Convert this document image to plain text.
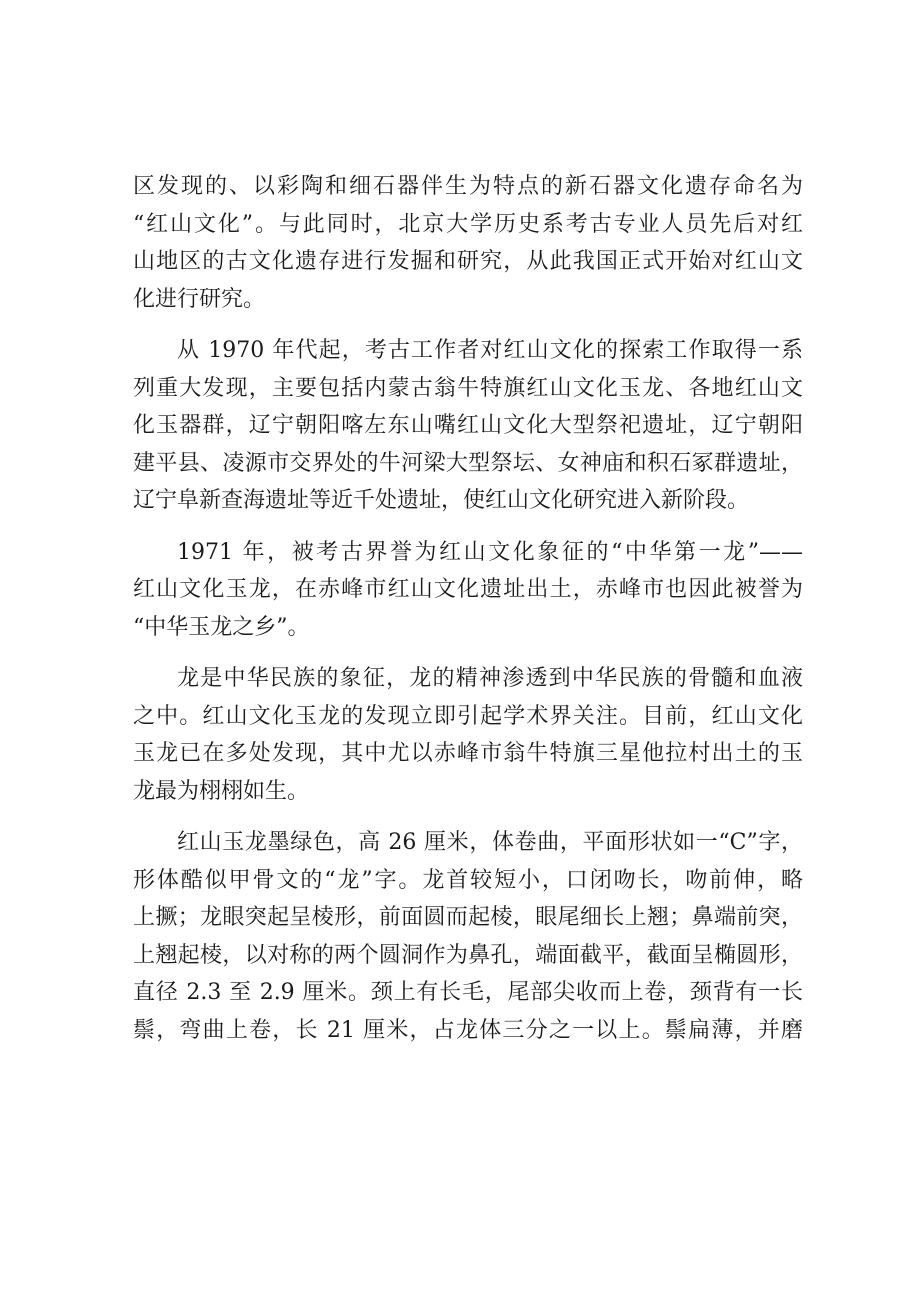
区发现的、以彩陶和细石器伴生为特点的新石器文化遗存命名为
“红山文化”。与此同时，北京大学历史系考古专业人员先后对红
山地区的古文化遗存进行发掘和研究，从此我国正式开始对红山文
化进行研究。
从 1970 年代起，考古工作者对红山文化的探索工作取得一系
列重大发现，主要包括内蒙古翁牛特旗红山文化玉龙、各地红山文
化玉器群，辽宁朝阳喀左东山嘴红山文化大型祭祀遗址，辽宁朝阳
建平县、凌源市交界处的牛河梁大型祭坛、女神庙和积石冢群遗址，
辽宁阜新查海遗址等近千处遗址，使红山文化研究进入新阶段。
1971 年，被考古界誉为红山文化象征的“中华第一龙”——
红山文化玉龙，在赤峰市红山文化遗址出土，赤峰市也因此被誉为
“中华玉龙之乡”。
龙是中华民族的象征，龙的精神渗透到中华民族的骨髓和血液
之中。红山文化玉龙的发现立即引起学术界关注。目前，红山文化
玉龙已在多处发现，其中尤以赤峰市翁牛特旗三星他拉村出土的玉
龙最为栩栩如生。
红山玉龙墨绿色，高 26 厘米，体卷曲，平面形状如一“C”字，
形体酷似甲骨文的“龙”字。龙首较短小，口闭吻长，吻前伸，略
上撅；龙眼突起呈棱形，前面圆而起棱，眼尾细长上翘；鼻端前突，
上翘起棱，以对称的两个圆洞作为鼻孔，端面截平，截面呈椭圆形，
直径 2.3 至 2.9 厘米。颈上有长毛，尾部尖收而上卷，颈背有一长
鬃，弯曲上卷，长 21 厘米，占龙体三分之一以上。鬃扁薄，并磨
